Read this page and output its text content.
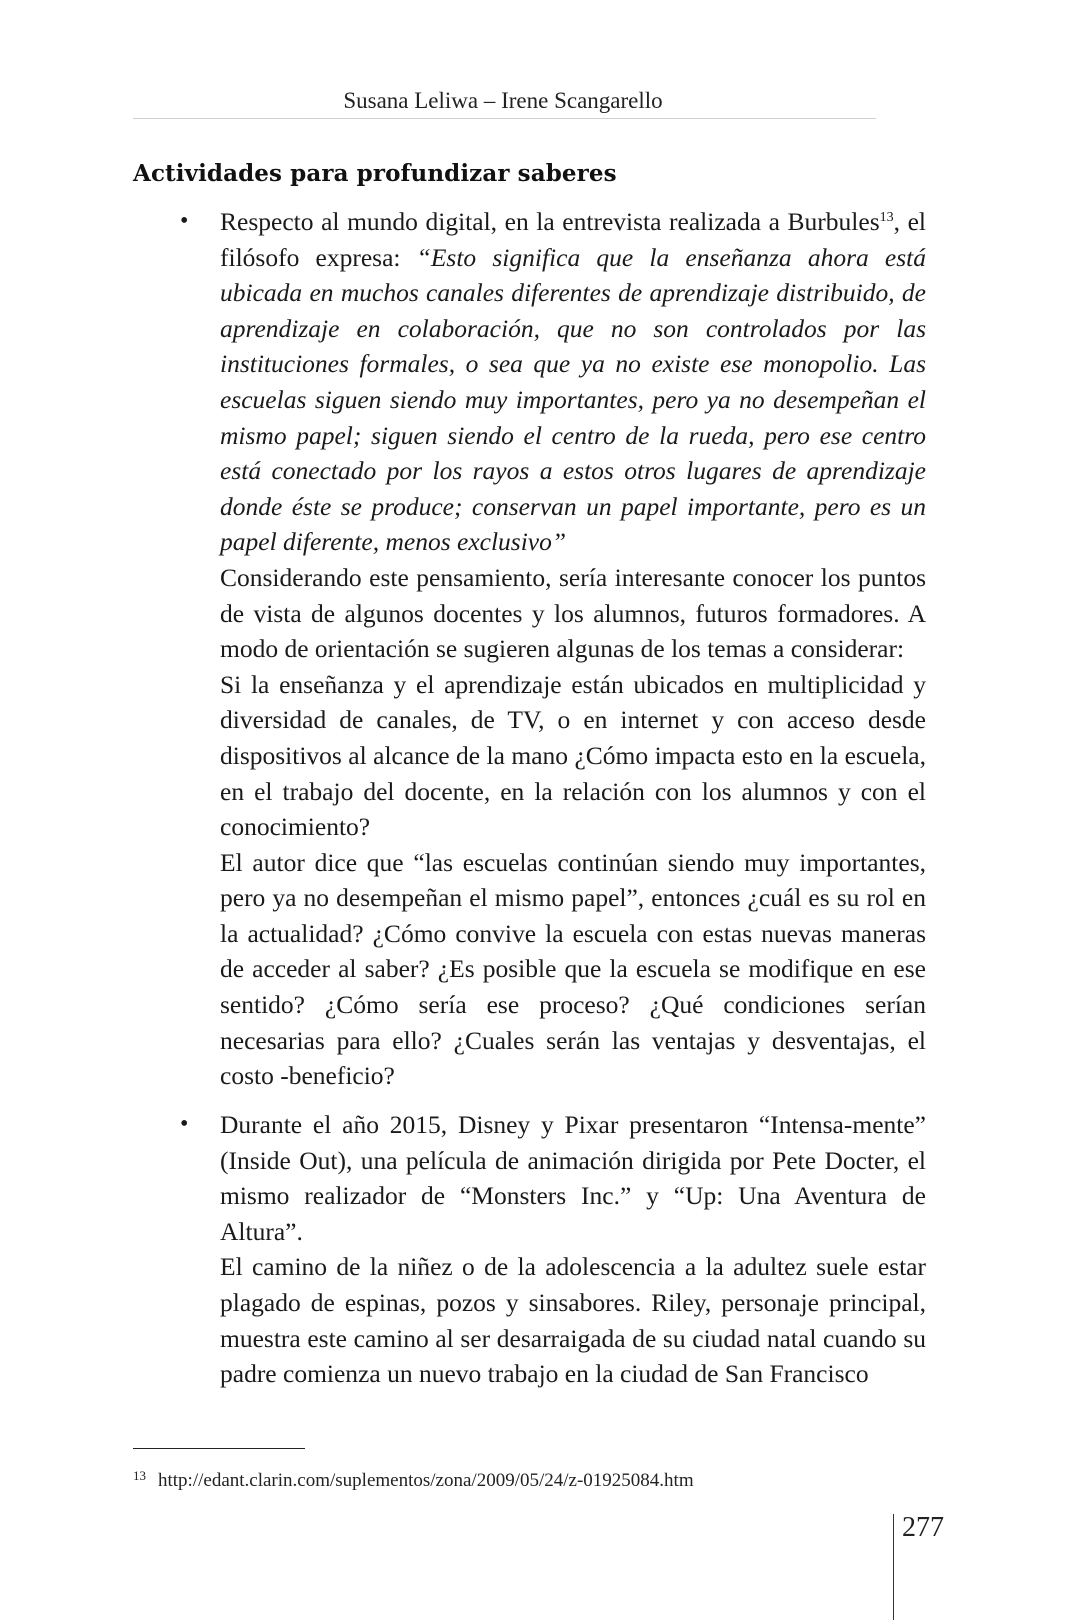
Susana Leliwa – Irene Scangarello
Actividades para profundizar saberes
•	Respecto al mundo digital, en la entrevista realizada a Burbules$^{13}$, el filósofo expresa: “Esto significa que la enseñanza ahora está ubicada en muchos canales diferentes de aprendizaje distribuido, de aprendizaje en colaboración, que no son controlados por las instituciones formales, o sea que ya no existe ese monopolio. Las escuelas siguen siendo muy importantes, pero ya no desempeñan el mismo papel; siguen siendo el centro de la rueda, pero ese centro está conectado por los rayos a estos otros lugares de aprendizaje donde éste se produce; conservan un papel importante, pero es un papel diferente, menos exclusivo”

Considerando este pensamiento, sería interesante conocer los puntos de vista de algunos docentes y los alumnos, futuros formadores. A modo de orientación se sugieren algunas de los temas a considerar:

Si la enseñanza y el aprendizaje están ubicados en multiplicidad y diversidad de canales, de TV, o en internet y con acceso desde dispositivos al alcance de la mano ¿Cómo impacta esto en la escuela, en el trabajo del docente, en la relación con los alumnos y con el conocimiento?

El autor dice que “las escuelas continúan siendo muy importantes, pero ya no desempeñan el mismo papel”, entonces ¿cuál es su rol en la actualidad? ¿Cómo convive la escuela con estas nuevas maneras de acceder al saber? ¿Es posible que la escuela se modifique en ese sentido? ¿Cómo sería ese proceso? ¿Qué condiciones serían necesarias para ello? ¿Cuales serán las ventajas y desventajas, el costo -beneficio?

•	Durante el año 2015, Disney y Pixar presentaron “Intensa-mente” (Inside Out), una película de animación dirigida por Pete Docter, el mismo realizador de “Monsters Inc.” y “Up: Una Aventura de Altura”.

El camino de la niñez o de la adolescencia a la adultez suele estar plagado de espinas, pozos y sinsabores. Riley, personaje principal, muestra este camino al ser desarraigada de su ciudad natal cuando su padre comienza un nuevo trabajo en la ciudad de San Francisco

$^{13}$ http://edant.clarin.com/suplementos/zona/2009/05/24/z-01925084.htm
277
